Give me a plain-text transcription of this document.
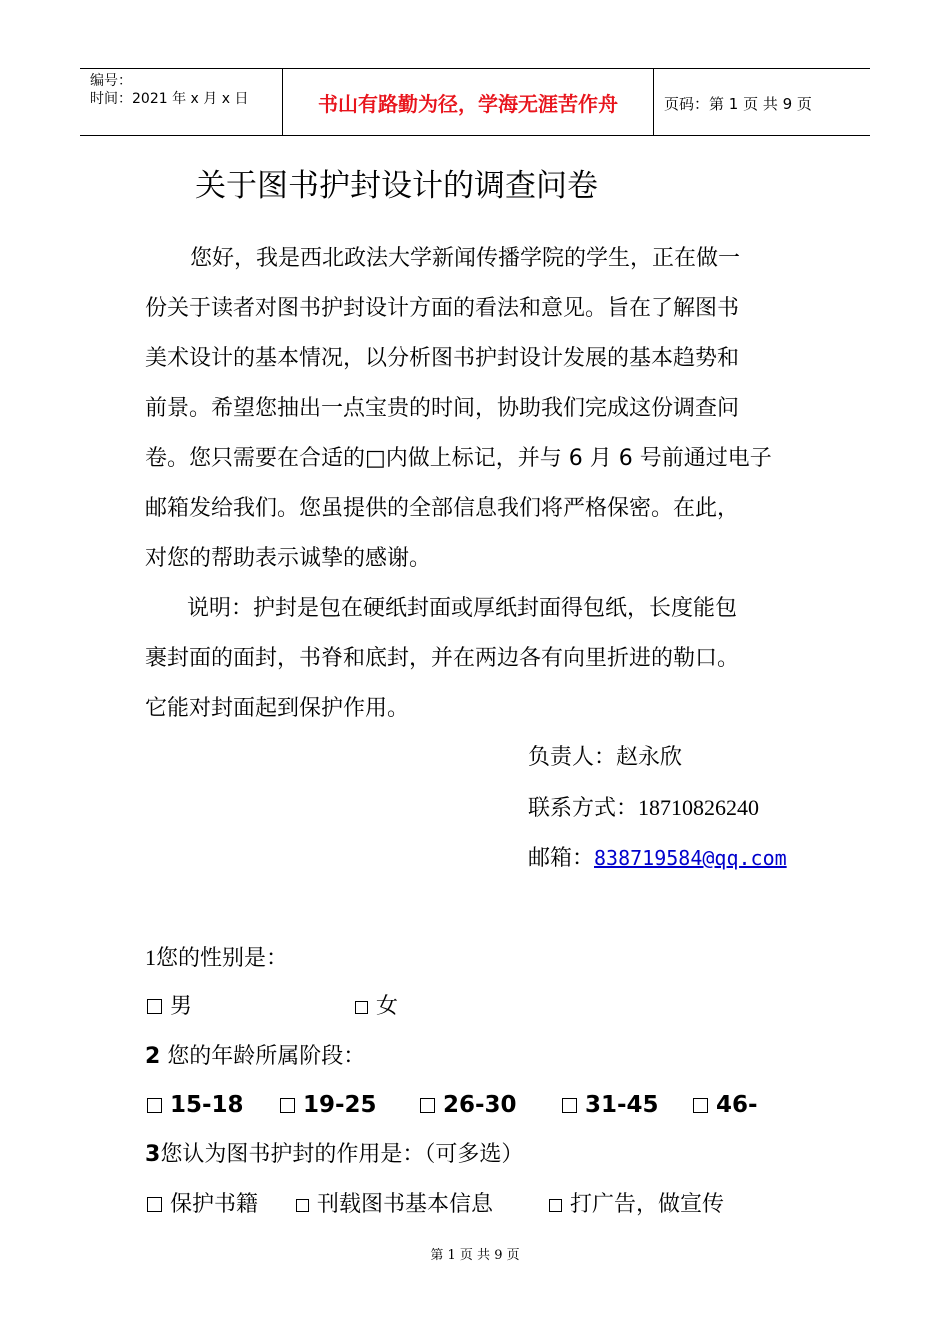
编号：
时间：2021 年 x 月 x 日	书山有路勤为径，学海无涯苦作舟	页码：第 1 页 共 9 页
关于图书护封设计的调查问卷
您好，我是西北政法大学新闻传播学院的学生，正在做一
份关于读者对图书护封设计方面的看法和意见。旨在了解图书
美术设计的基本情况，以分析图书护封设计发展的基本趋势和
前景。希望您抽出一点宝贵的时间，协助我们完成这份调查问
卷。您只需要在合适的□内做上标记，并与 6 月 6 号前通过电子
邮箱发给我们。您虽提供的全部信息我们将严格保密。在此，
对您的帮助表示诚挚的感谢。
说明：护封是包在硬纸封面或厚纸封面得包纸，长度能包
裹封面的面封，书脊和底封，并在两边各有向里折进的勒口。
它能对封面起到保护作用。
负责人：赵永欣
联系方式：18710826240
邮箱：838719584@qq.com
1您的性别是：
男	女
2 您的年龄所属阶段：
15-18	19-25	26-30	31-45	46-
3您认为图书护封的作用是：（可多选）
保护书籍	刊载图书基本信息	打广告，做宣传
第 1 页 共 9 页
